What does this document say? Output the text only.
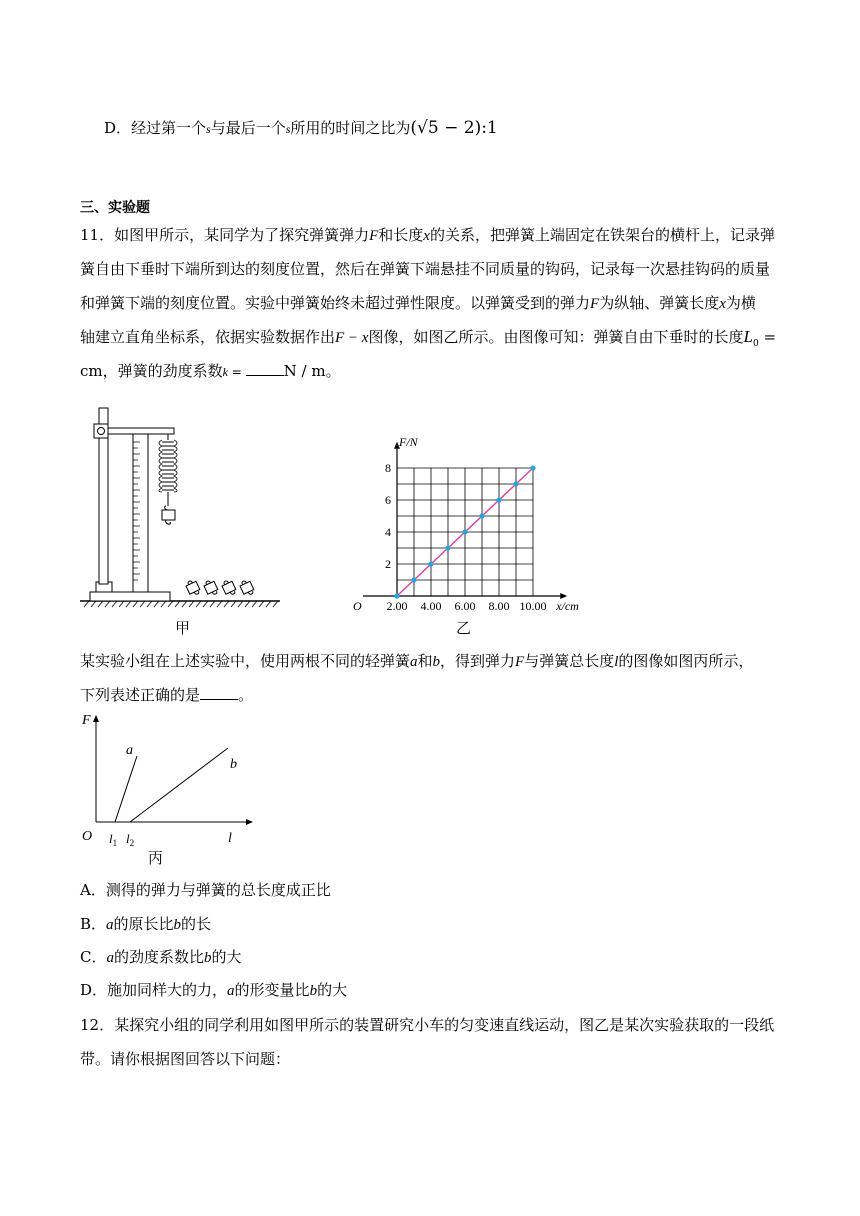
D．经过第一个s与最后一个s所用的时间之比为(√5 − 2):1
三、实验题
11．如图甲所示，某同学为了探究弹簧弹力F和长度x的关系，把弹簧上端固定在铁架台的横杆上，记录弹
簧自由下垂时下端所到达的刻度位置，然后在弹簧下端悬挂不同质量的钩码，记录每一次悬挂钩码的质量
和弹簧下端的刻度位置。实验中弹簧始终未超过弹性限度。以弹簧受到的弹力F为纵轴、弹簧长度x为横
轴建立直角坐标系，依据实验数据作出F − x图像，如图乙所示。由图像可知：弹簧自由下垂时的长度$L_0$ =
cm，弹簧的劲度系数k =	N / m。
甲
F/N
x/cm
O
2
4
6
8
2.00 4.00 6.00 8.00 10.00
乙
某实验小组在上述实验中，使用两根不同的轻弹簧a和b，得到弹力F与弹簧总长度l的图像如图丙所示，
下列表述正确的是	。
F
l
O
a
b
$l_1$ $l_2$
丙
A．测得的弹力与弹簧的总长度成正比
B．a的原长比b的长
C．a的劲度系数比b的大
D．施加同样大的力，a的形变量比b的大
12．某探究小组的同学利用如图甲所示的装置研究小车的匀变速直线运动，图乙是某次实验获取的一段纸
带。请你根据图回答以下问题：
